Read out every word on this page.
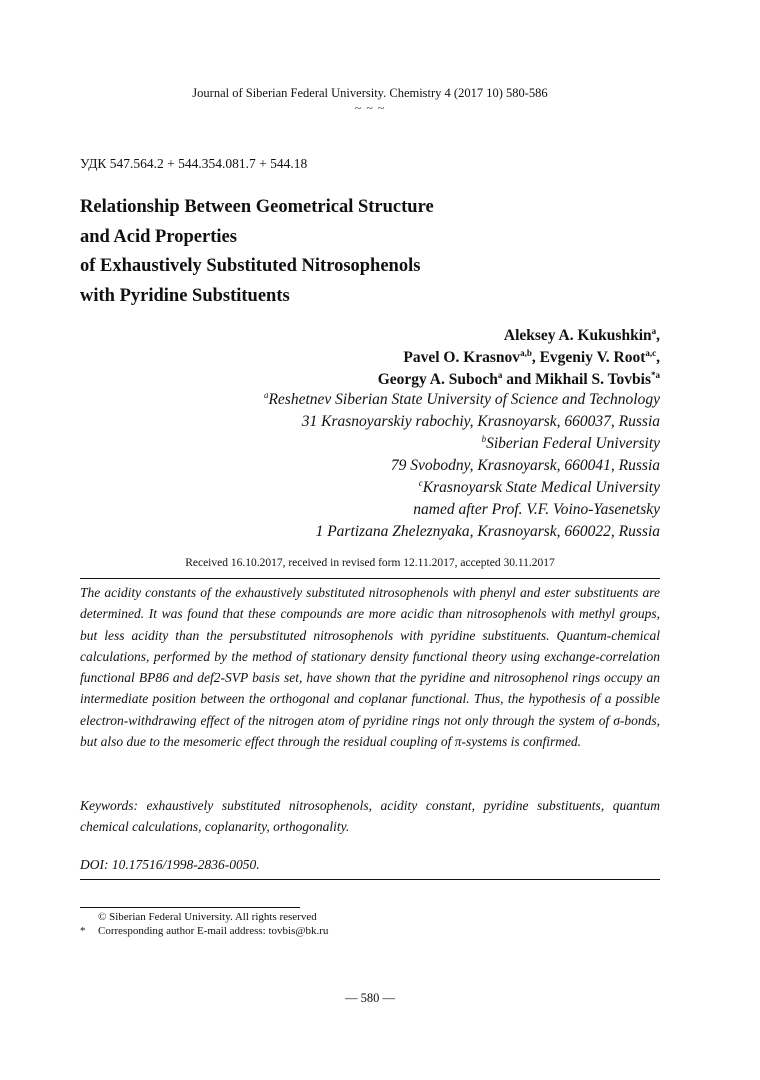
Journal of Siberian Federal University. Chemistry 4 (2017 10) 580-586
~ ~ ~
УДК 547.564.2 + 544.354.081.7 + 544.18
Relationship Between Geometrical Structure
and Acid Properties
of Exhaustively Substituted Nitrosophenols
with Pyridine Substituents
Aleksey A. Kukushkin$^a$,
Pavel O. Krasnov$^{a,b}$, Evgeniy V. Root$^{a,c}$,
Georgy A. Suboch$^a$ and Mikhail S. Tovbis$^{*a}$
$^a$Reshetnev Siberian State University of Science and Technology
31 Krasnoyarskiy rabochiy, Krasnoyarsk, 660037, Russia
$^b$Siberian Federal University
79 Svobodny, Krasnoyarsk, 660041, Russia
$^c$Krasnoyarsk State Medical University
named after Prof. V.F. Voino-Yasenetsky
1 Partizana Zheleznyaka, Krasnoyarsk, 660022, Russia
Received 16.10.2017, received in revised form 12.11.2017, accepted 30.11.2017
The acidity constants of the exhaustively substituted nitrosophenols with phenyl and ester substituents are determined. It was found that these compounds are more acidic than nitrosophenols with methyl groups, but less acidity than the persubstituted nitrosophenols with pyridine substituents. Quantum-chemical calculations, performed by the method of stationary density functional theory using exchange-correlation functional BP86 and def2-SVP basis set, have shown that the pyridine and nitrosophenol rings occupy an intermediate position between the orthogonal and coplanar functional. Thus, the hypothesis of a possible electron-withdrawing effect of the nitrogen atom of pyridine rings not only through the system of σ-bonds, but also due to the mesomeric effect through the residual coupling of π-systems is confirmed.
Keywords: exhaustively substituted nitrosophenols, acidity constant, pyridine substituents, quantum chemical calculations, coplanarity, orthogonality.
DOI: 10.17516/1998-2836-0050.
© Siberian Federal University. All rights reserved
* Corresponding author E-mail address: tovbis@bk.ru
— 580 —
